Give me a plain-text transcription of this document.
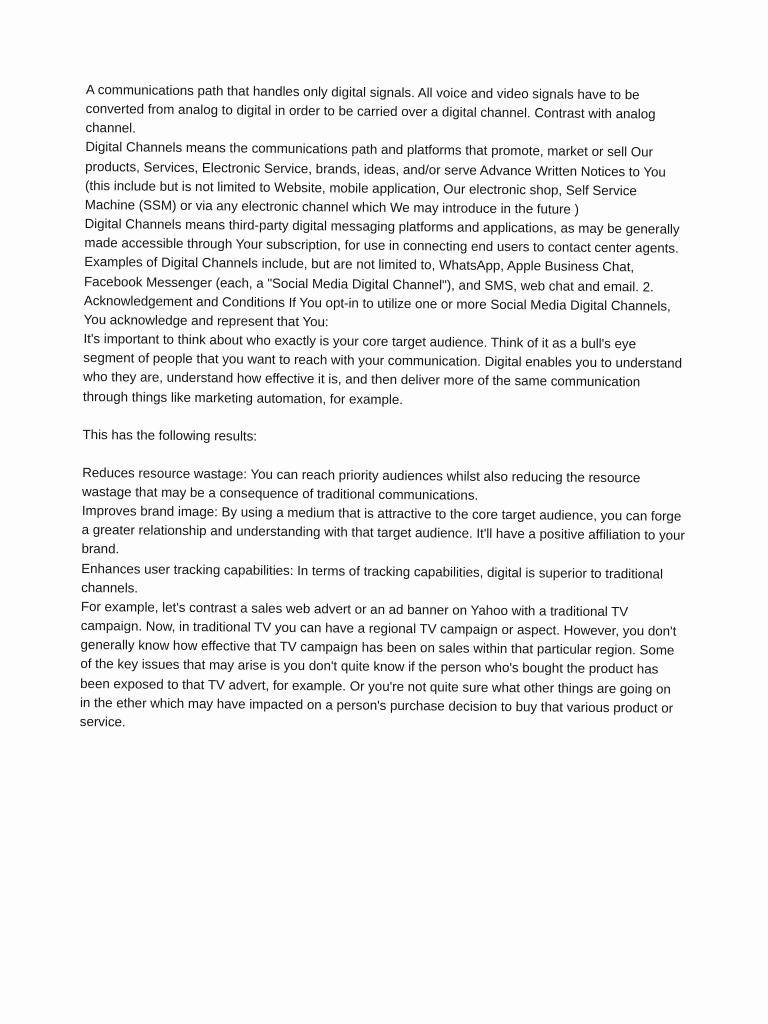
A communications path that handles only digital signals. All voice and video signals have to be converted from analog to digital in order to be carried over a digital channel. Contrast with analog channel.

Digital Channels means the communications path and platforms that promote, market or sell Our products, Services, Electronic Service, brands, ideas, and/or serve Advance Written Notices to You (this include but is not limited to Website, mobile application, Our electronic shop, Self Service Machine (SSM) or via any electronic channel which We may introduce in the future )

Digital Channels means third-party digital messaging platforms and applications, as may be generally made accessible through Your subscription, for use in connecting end users to contact center agents. Examples of Digital Channels include, but are not limited to, WhatsApp, Apple Business Chat, Facebook Messenger (each, a "Social Media Digital Channel"), and SMS, web chat and email. 2. Acknowledgement and Conditions If You opt-in to utilize one or more Social Media Digital Channels, You acknowledge and represent that You:

It's important to think about who exactly is your core target audience. Think of it as a bull's eye segment of people that you want to reach with your communication. Digital enables you to understand who they are, understand how effective it is, and then deliver more of the same communication through things like marketing automation, for example.

This has the following results:

Reduces resource wastage: You can reach priority audiences whilst also reducing the resource wastage that may be a consequence of traditional communications.

Improves brand image: By using a medium that is attractive to the core target audience, you can forge a greater relationship and understanding with that target audience. It'll have a positive affiliation to your brand.

Enhances user tracking capabilities: In terms of tracking capabilities, digital is superior to traditional channels.

For example, let's contrast a sales web advert or an ad banner on Yahoo with a traditional TV campaign. Now, in traditional TV you can have a regional TV campaign or aspect. However, you don't generally know how effective that TV campaign has been on sales within that particular region. Some of the key issues that may arise is you don't quite know if the person who's bought the product has been exposed to that TV advert, for example. Or you're not quite sure what other things are going on in the ether which may have impacted on a person's purchase decision to buy that various product or service.
